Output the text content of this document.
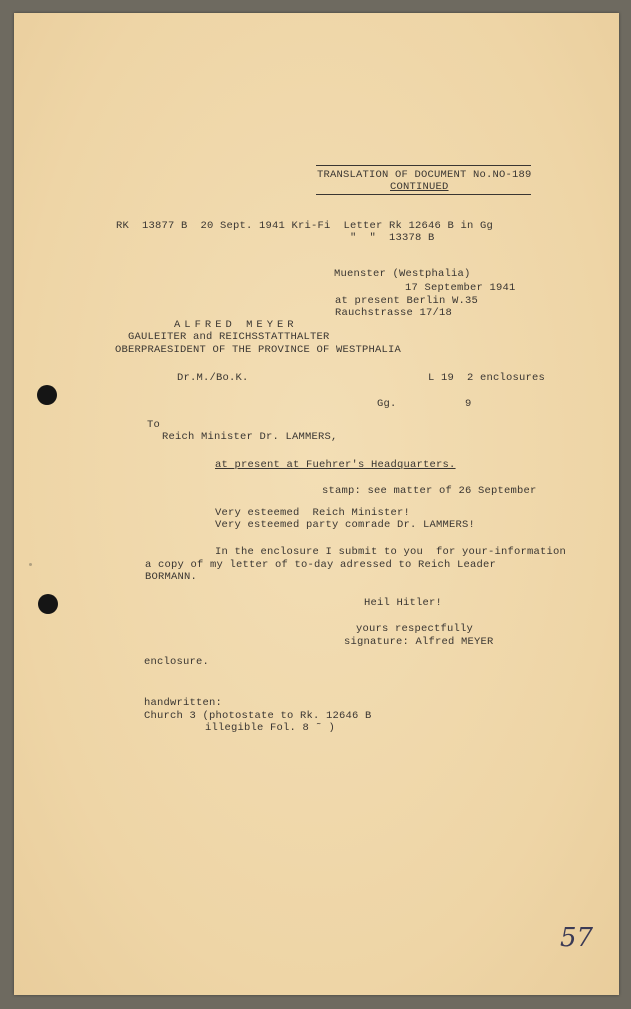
TRANSLATION OF DOCUMENT No.NO-189
CONTINUED
RK  13877 B  20 Sept. 1941 Kri-Fi  Letter Rk 12646 B in Gg
"  "  13378 B
Muenster (Westphalia)
17 September 1941
at present Berlin W.35
Rauchstrasse 17/18
ALFRED MEYER
GAULEITER and REICHSSTATTHALTER
OBERPRAESIDENT OF THE PROVINCE OF WESTPHALIA
Dr.M./Bo.K.	L 19  2 enclosures
Gg.	9
To
Reich Minister Dr. LAMMERS,
at present at Fuehrer's Headquarters.
stamp: see matter of 26 September
Very esteemed  Reich Minister!
Very esteemed party comrade Dr. LAMMERS!
In the enclosure I submit to you  for your-information
a copy of my letter of to-day adressed to Reich Leader
BORMANN.
Heil Hitler!
yours respectfully
signature: Alfred MEYER
enclosure.
handwritten:
Church 3 (photostate to Rk. 12646 B
illegible Fol. 8 ˜ )
57
